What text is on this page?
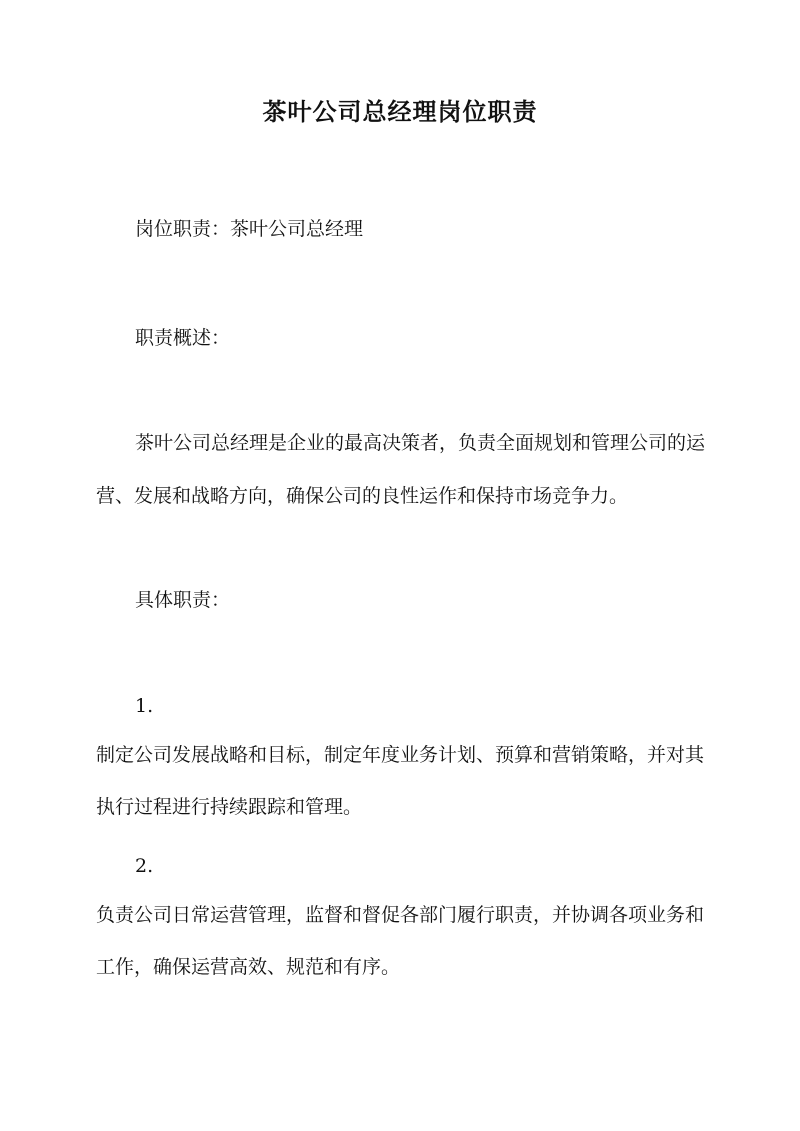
茶叶公司总经理岗位职责

岗位职责：茶叶公司总经理

职责概述：

茶叶公司总经理是企业的最高决策者，负责全面规划和管理公司的运

营、发展和战略方向，确保公司的良性运作和保持市场竞争力。

具体职责：

1.

制定公司发展战略和目标，制定年度业务计划、预算和营销策略，并对其

执行过程进行持续跟踪和管理。

2.

负责公司日常运营管理，监督和督促各部门履行职责，并协调各项业务和

工作，确保运营高效、规范和有序。
